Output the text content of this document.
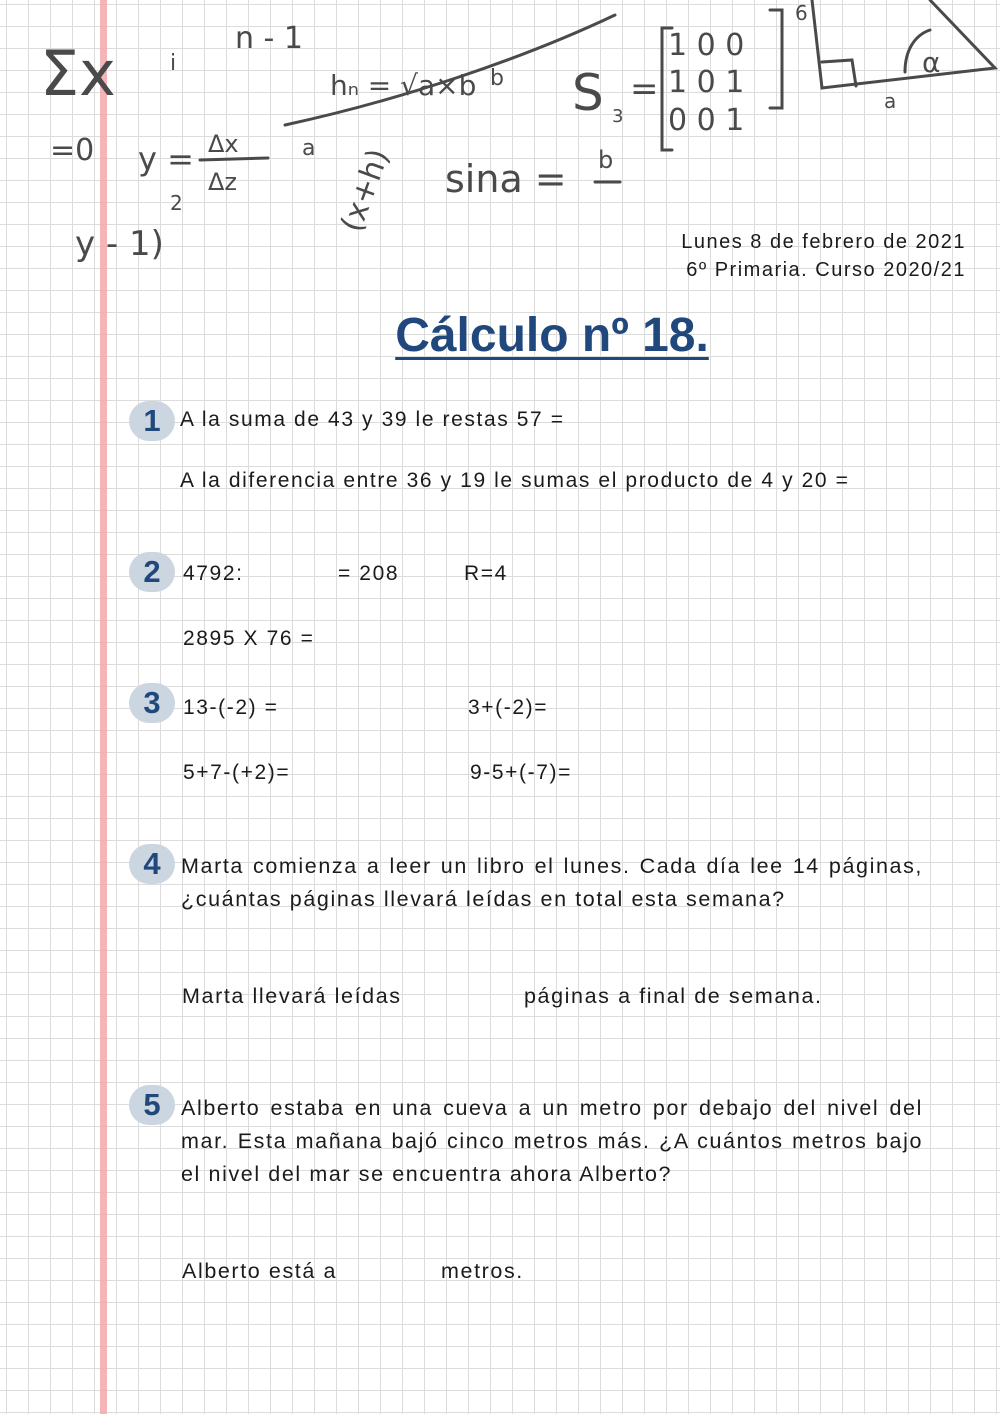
Σx i
=0 y = Δx
Δz
y - 1)
2
n - 1
hₙ = √a×b b
a (x+h) sina = b
S 3
=
1 0 0
1 0 1
0 0 1
6
α
a
Lunes 8 de febrero de 2021
6º Primaria. Curso 2020/21
Cálculo nº 18.
1 A la suma de 43 y 39 le restas 57 =
A la diferencia entre 36 y 19 le sumas el producto de 4 y 20 =
2	4792:	= 208	R=4
2895 X 76 =
3	13-(-2) =	3+(-2)=
5+7-(+2)=	9-5+(-7)=
4 Marta comienza a leer un libro el lunes. Cada día lee 14 páginas, ¿cuántas páginas llevará leídas en total esta semana?
Marta llevará leídas	páginas a final de semana.
5 Alberto estaba en una cueva a un metro por debajo del nivel del mar. Esta mañana bajó cinco metros más. ¿A cuántos metros bajo el nivel del mar se encuentra ahora Alberto?
Alberto está a	metros.
